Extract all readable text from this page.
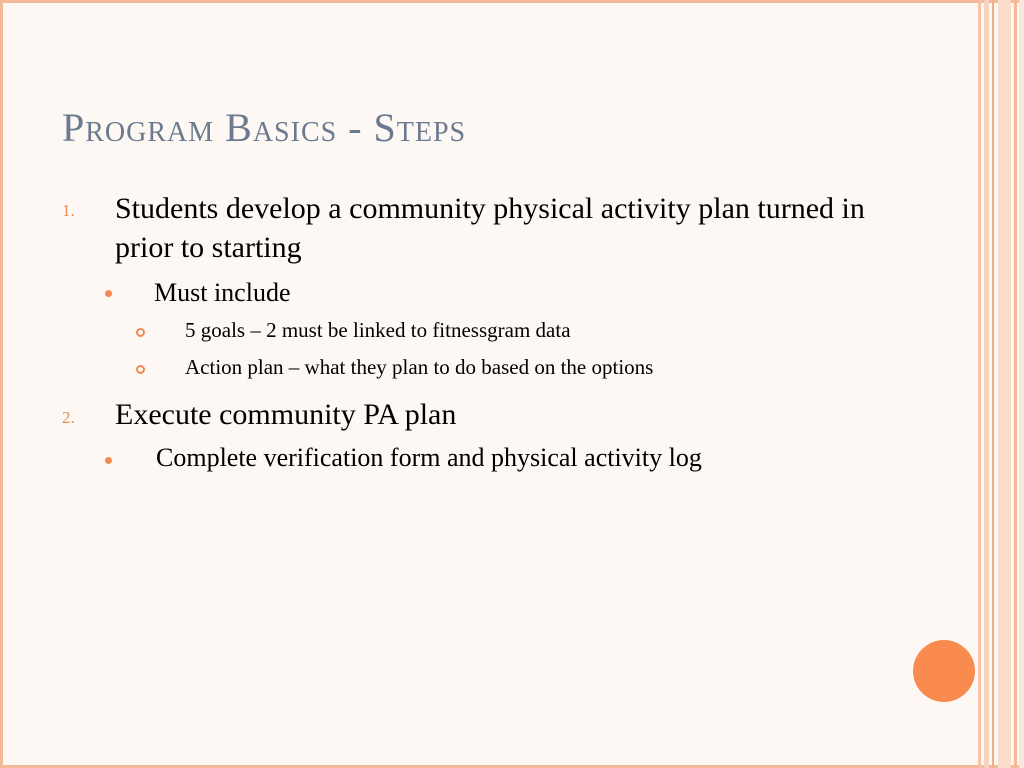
Program Basics - Steps
1. Students develop a community physical activity plan turned in prior to starting
Must include
5 goals – 2 must be linked to fitnessgram data
Action plan – what they plan to do based on the options
2. Execute community PA plan
Complete verification form and physical activity log
